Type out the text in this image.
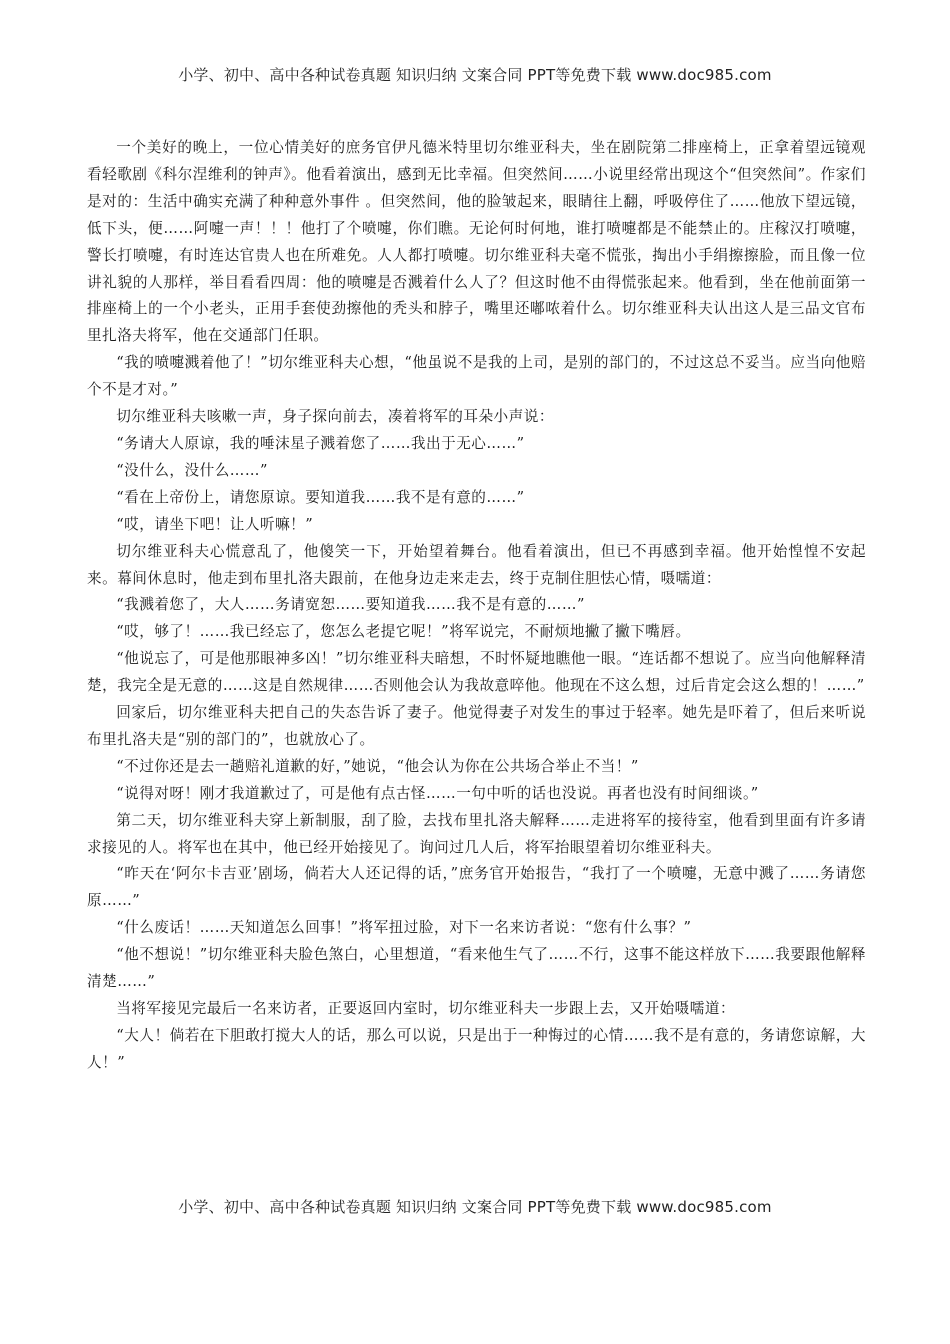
小学、初中、高中各种试卷真题 知识归纳 文案合同 PPT等免费下载 www.doc985.com

一个美好的晚上，一位心情美好的庶务官伊凡德米特里切尔维亚科夫，坐在剧院第二排座椅上，正拿着望远镜观看轻歌剧《科尔涅维利的钟声》。他看着演出，感到无比幸福。但突然间……小说里经常出现这个“但突然间”。作家们是对的：生活中确实充满了种种意外事件 。但突然间，他的脸皱起来，眼睛往上翻，呼吸停住了……他放下望远镜，低下头，便……阿嚏一声！！！他打了个喷嚏，你们瞧。无论何时何地，谁打喷嚏都是不能禁止的。庄稼汉打喷嚏，警长打喷嚏，有时连达官贵人也在所难免。人人都打喷嚏。切尔维亚科夫毫不慌张，掏出小手绢擦擦脸，而且像一位讲礼貌的人那样，举目看看四周：他的喷嚏是否溅着什么人了？但这时他不由得慌张起来。他看到，坐在他前面第一排座椅上的一个小老头，正用手套使劲擦他的秃头和脖子，嘴里还嘟哝着什么。切尔维亚科夫认出这人是三品文官布里扎洛夫将军，他在交通部门任职。

“我的喷嚏溅着他了！”切尔维亚科夫心想，“他虽说不是我的上司，是别的部门的，不过这总不妥当。应当向他赔个不是才对。”

切尔维亚科夫咳嗽一声，身子探向前去，凑着将军的耳朵小声说：

“务请大人原谅，我的唾沫星子溅着您了……我出于无心……”

“没什么，没什么……”

“看在上帝份上，请您原谅。要知道我……我不是有意的……”

“哎，请坐下吧！让人听嘛！”

切尔维亚科夫心慌意乱了，他傻笑一下，开始望着舞台。他看着演出，但已不再感到幸福。他开始惶惶不安起来。幕间休息时，他走到布里扎洛夫跟前，在他身边走来走去，终于克制住胆怯心情，嗫嚅道：

“我溅着您了，大人……务请宽恕……要知道我……我不是有意的……”

“哎，够了！……我已经忘了，您怎么老提它呢！”将军说完，不耐烦地撇了撇下嘴唇。

“他说忘了，可是他那眼神多凶！”切尔维亚科夫暗想，不时怀疑地瞧他一眼。“连话都不想说了。应当向他解释清楚，我完全是无意的……这是自然规律……否则他会认为我故意啐他。他现在不这么想，过后肯定会这么想的！……”

回家后，切尔维亚科夫把自己的失态告诉了妻子。他觉得妻子对发生的事过于轻率。她先是吓着了，但后来听说布里扎洛夫是“别的部门的”，也就放心了。

“不过你还是去一趟赔礼道歉的好，”她说，“他会认为你在公共场合举止不当！”

“说得对呀！刚才我道歉过了，可是他有点古怪……一句中听的话也没说。再者也没有时间细谈。”

第二天，切尔维亚科夫穿上新制服，刮了脸，去找布里扎洛夫解释……走进将军的接待室，他看到里面有许多请求接见的人。将军也在其中，他已经开始接见了。询问过几人后，将军抬眼望着切尔维亚科夫。

“昨天在‘阿尔卡吉亚’剧场，倘若大人还记得的话，”庶务官开始报告，“我打了一个喷嚏，无意中溅了……务请您原……”

“什么废话！……天知道怎么回事！”将军扭过脸，对下一名来访者说：“您有什么事？”

“他不想说！”切尔维亚科夫脸色煞白，心里想道，“看来他生气了……不行，这事不能这样放下……我要跟他解释清楚……”

当将军接见完最后一名来访者，正要返回内室时，切尔维亚科夫一步跟上去，又开始嗫嚅道：

“大人！倘若在下胆敢打搅大人的话，那么可以说，只是出于一种悔过的心情……我不是有意的，务请您谅解，大人！”

小学、初中、高中各种试卷真题 知识归纳 文案合同 PPT等免费下载 www.doc985.com
